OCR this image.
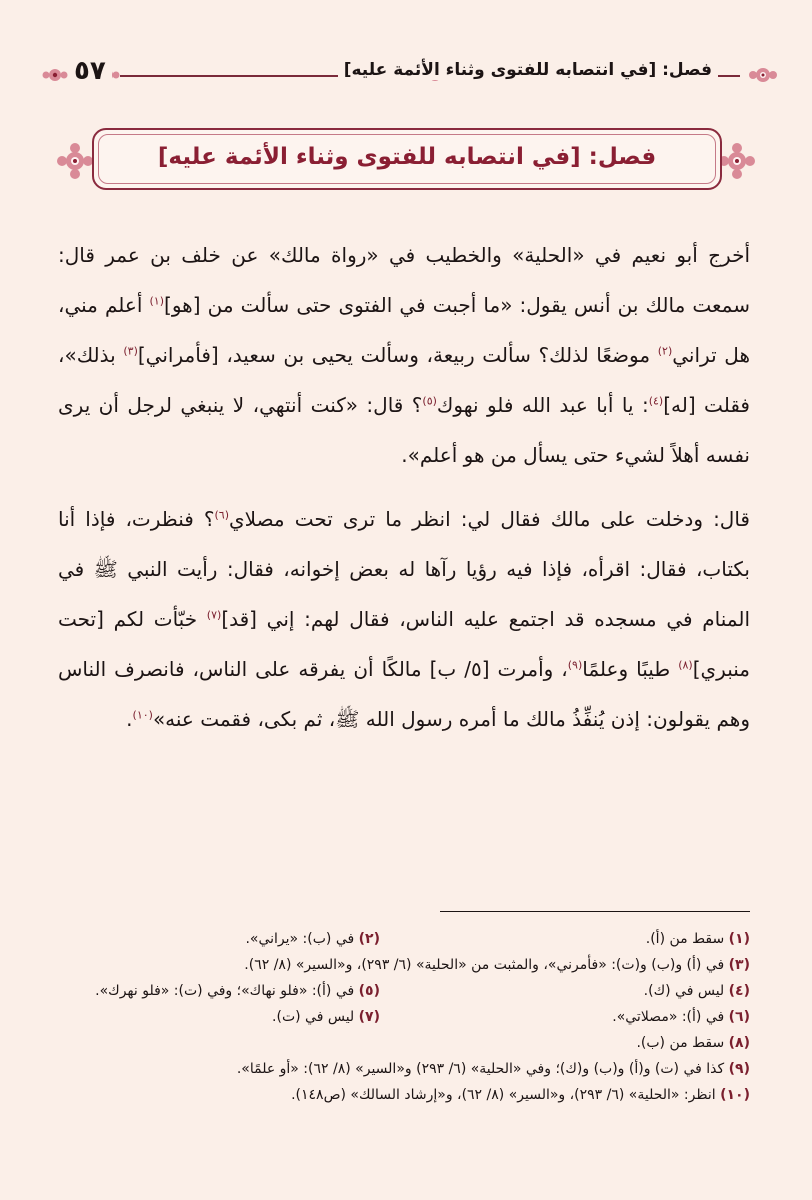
فصل: [في انتصابه للفتوى وثناء الأئمة عليه]
٥٧
فصل: [في انتصابه للفتوى وثناء الأئمة عليه]

أخرج أبو نعيم في «الحلية» والخطيب في «رواة مالك» عن خلف بن عمر قال: سمعت مالك بن أنس يقول: «ما أجبت في الفتوى حتى سألت من [هو]$^{(١)}$ أعلم مني، هل تراني$^{(٢)}$ موضعًا لذلك؟ سألت ربيعة، وسألت يحيى بن سعيد، [فأمراني]$^{(٣)}$ بذلك»، فقلت [له]$^{(٤)}$: يا أبا عبد الله فلو نهوك$^{(٥)}$؟ قال: «كنت أنتهي، لا ينبغي لرجل أن يرى نفسه أهلاً لشيء حتى يسأل من هو أعلم».

قال: ودخلت على مالك فقال لي: انظر ما ترى تحت مصلاي$^{(٦)}$؟ فنظرت، فإذا أنا بكتاب، فقال: اقرأه، فإذا فيه رؤيا رآها له بعض إخوانه، فقال: رأيت النبي ﷺ في المنام في مسجده قد اجتمع عليه الناس، فقال لهم: إني [قد]$^{(٧)}$ خبّأت لكم [تحت منبري]$^{(٨)}$ طيبًا وعلمًا$^{(٩)}$، وأمرت [٥/ ب] مالكًا أن يفرقه على الناس، فانصرف الناس وهم يقولون: إذن يُنفِّذُ مالك ما أمره رسول الله ﷺ، ثم بكى، فقمت عنه»$^{(١٠)}$.

(١) سقط من (أ).
(٢) في (ب): «يراني».
(٣) في (أ) و(ب) و(ت): «فأمرني»، والمثبت من «الحلية» (٦/ ٢٩٣)، و«السير» (٨/ ٦٢).
(٤) ليس في (ك).
(٥) في (أ): «فلو نهاك»؛ وفي (ت): «فلو نهرك».
(٦) في (أ): «مصلاتي».
(٧) ليس في (ت).
(٨) سقط من (ب).
(٩) كذا في (ت) و(أ) و(ب) و(ك)؛ وفي «الحلية» (٦/ ٢٩٣) و«السير» (٨/ ٦٢): «أو علمًا».
(١٠) انظر: «الحلية» (٦/ ٢٩٣)، و«السير» (٨/ ٦٢)، و«إرشاد السالك» (ص١٤٨).
